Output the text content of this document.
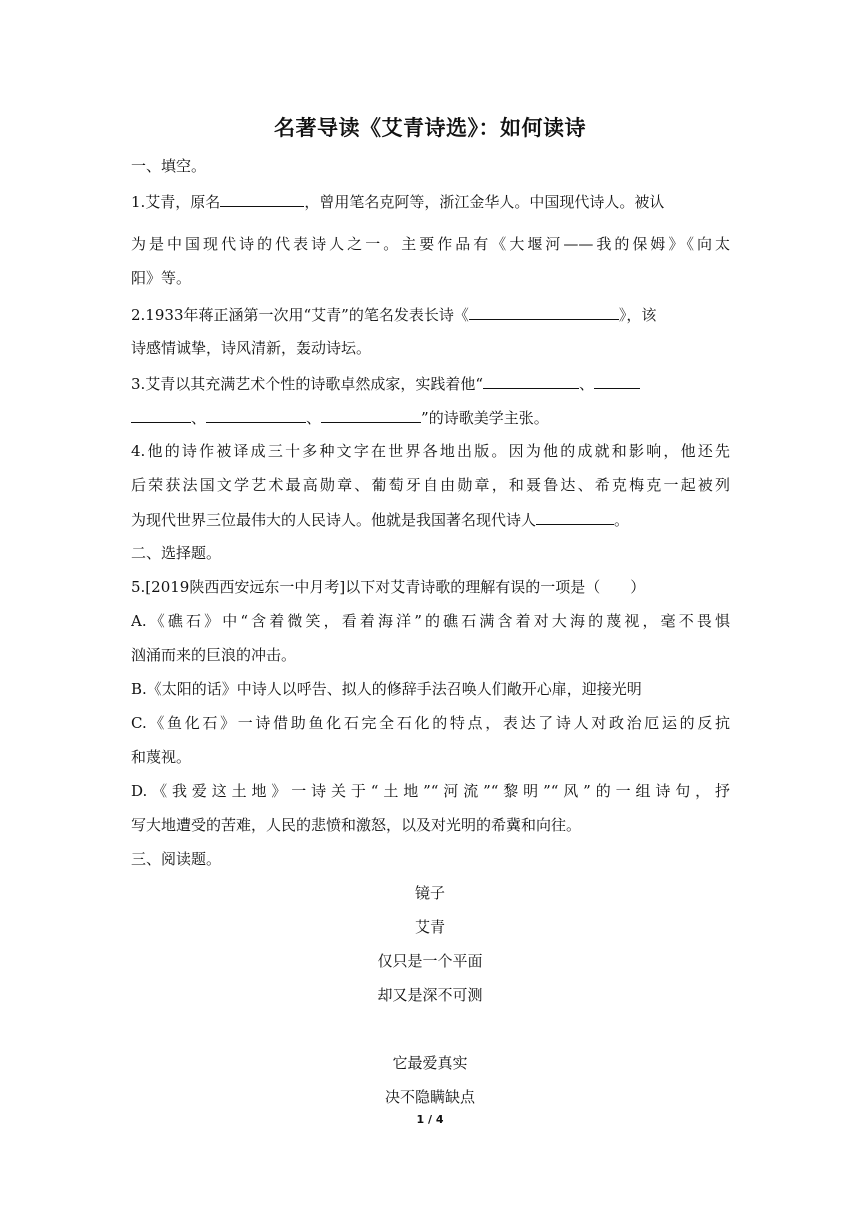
名著导读《艾青诗选》：如何读诗
一、填空。
1.艾青，原名	，曾用笔名克阿等，浙江金华人。中国现代诗人。被认
为是中国现代诗的代表诗人之一。主要作品有《大堰河——我的保姆》《向太
阳》等。
2.1933年蒋正涵第一次用“艾青”的笔名发表长诗《	》，该
诗感情诚挚，诗风清新，轰动诗坛。
3.艾青以其充满艺术个性的诗歌卓然成家，实践着他“	、
、	、	”的诗歌美学主张。
4.他的诗作被译成三十多种文字在世界各地出版。因为他的成就和影响，他还先
后荣获法国文学艺术最高勋章、葡萄牙自由勋章，和聂鲁达、希克梅克一起被列
为现代世界三位最伟大的人民诗人。他就是我国著名现代诗人	。
二、选择题。
5.[2019陕西西安远东一中月考]以下对艾青诗歌的理解有误的一项是（　　）
A.《礁石》中“含着微笑，看着海洋”的礁石满含着对大海的蔑视，毫不畏惧
汹涌而来的巨浪的冲击。
B.《太阳的话》中诗人以呼告、拟人的修辞手法召唤人们敞开心扉，迎接光明
C.《鱼化石》一诗借助鱼化石完全石化的特点，表达了诗人对政治厄运的反抗
和蔑视。
D.《我爱这土地》一诗关于“土地”“河流”“黎明”“风”的一组诗句，抒
写大地遭受的苦难，人民的悲愤和激怒，以及对光明的希冀和向往。
三、阅读题。
镜子
艾青
仅只是一个平面
却又是深不可测
它最爱真实
决不隐瞒缺点
1 / 4
